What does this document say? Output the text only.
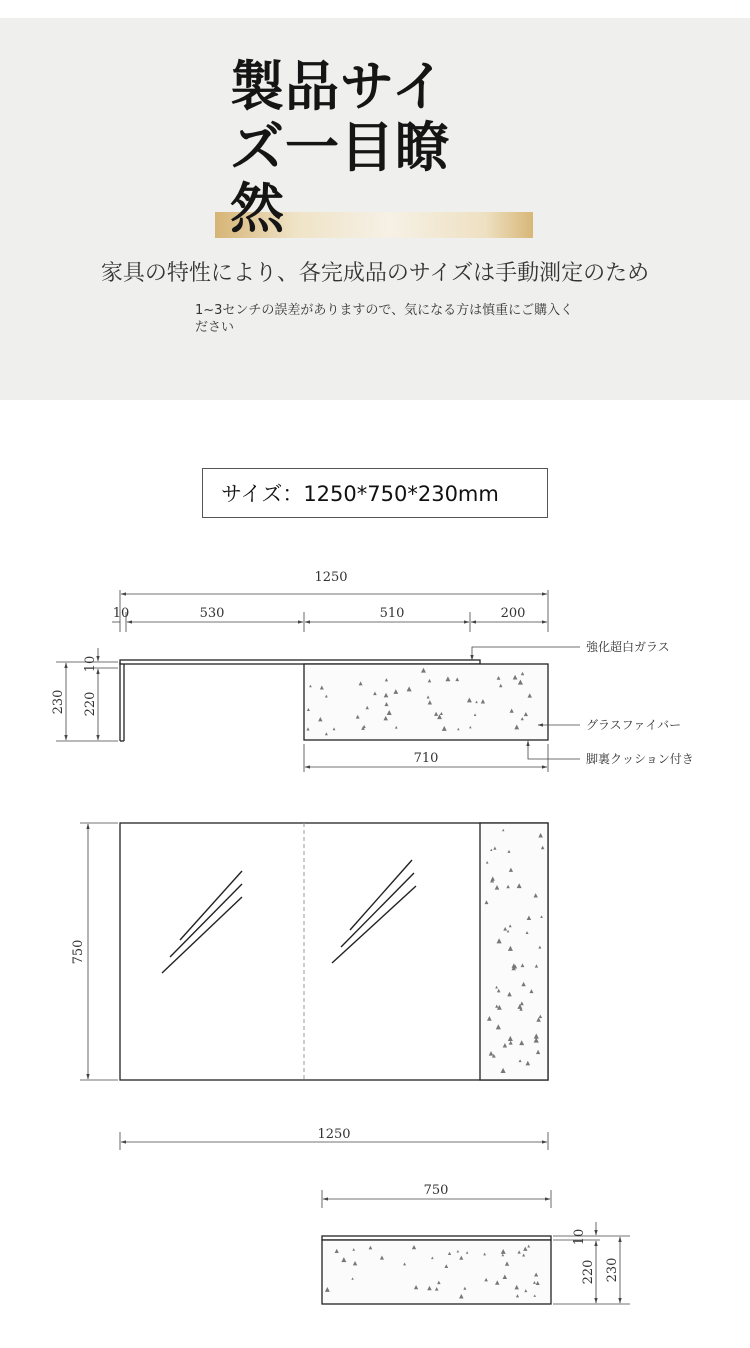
製品サイズ一目瞭然
家具の特性により、各完成品のサイズは手動測定のため
1~3センチの誤差がありますので、気になる方は慎重にご購入ください
サイズ：1250*750*230mm
1250
10	530	510	200
230 220
10
710
強化超白ガラス
グラスファイバー
脚裏クッション付き
750
1250
750
10
220 230
